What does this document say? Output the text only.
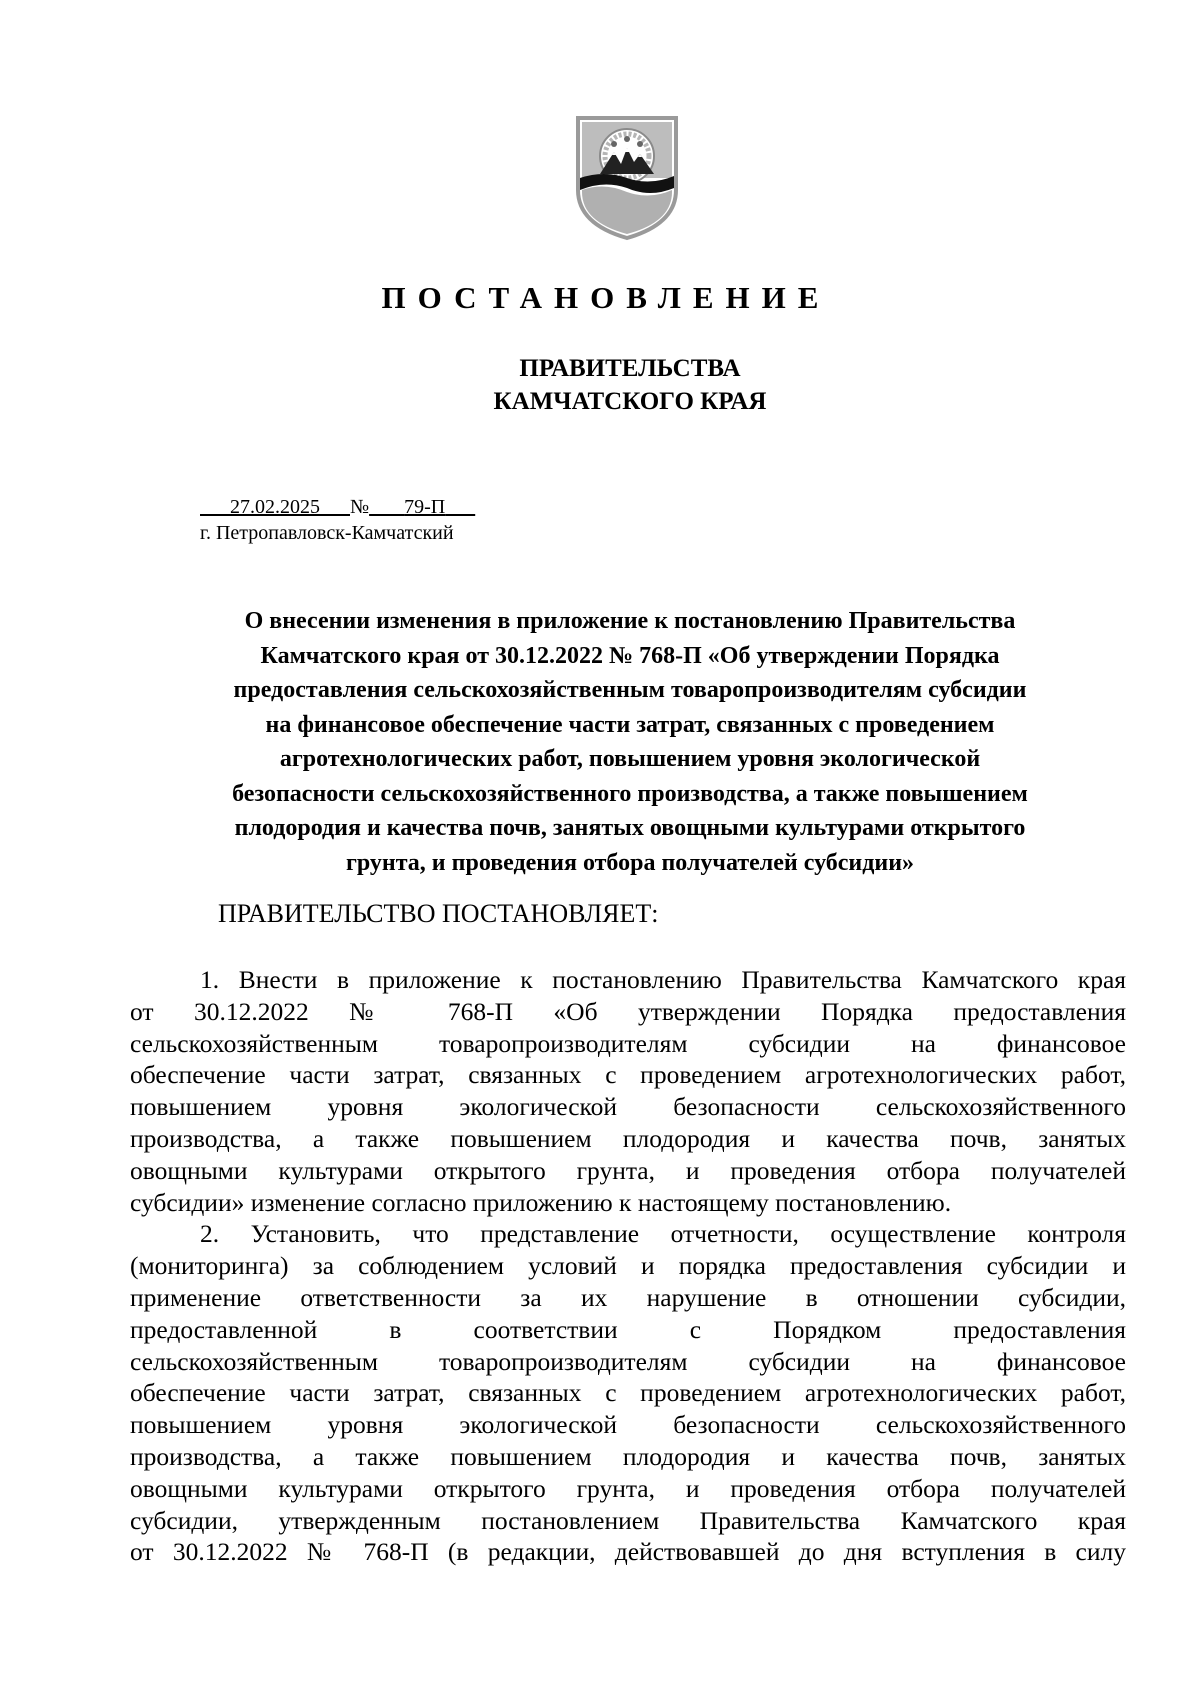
ПОСТАНОВЛЕНИЕ
ПРАВИТЕЛЬСТВА
КАМЧАТСКОГО КРАЯ
27.02.2025 № 79-П
г. Петропавловск-Камчатский
О внесении изменения в приложение к постановлению Правительства
Камчатского края от 30.12.2022 № 768-П «Об утверждении Порядка
предоставления сельскохозяйственным товаропроизводителям субсидии
на финансовое обеспечение части затрат, связанных с проведением
агротехнологических работ, повышением уровня экологической
безопасности сельскохозяйственного производства, а также повышением
плодородия и качества почв, занятых овощными культурами открытого
грунта, и проведения отбора получателей субсидии»
ПРАВИТЕЛЬСТВО ПОСТАНОВЛЯЕТ:
1. Внести в приложение к постановлению Правительства Камчатского края
от 30.12.2022 № 768-П «Об утверждении Порядка предоставления
сельскохозяйственным товаропроизводителям субсидии на финансовое
обеспечение части затрат, связанных с проведением агротехнологических работ,
повышением уровня экологической безопасности сельскохозяйственного
производства, а также повышением плодородия и качества почв, занятых
овощными культурами открытого грунта, и проведения отбора получателей
субсидии» изменение согласно приложению к настоящему постановлению.
2. Установить, что представление отчетности, осуществление контроля
(мониторинга) за соблюдением условий и порядка предоставления субсидии и
применение ответственности за их нарушение в отношении субсидии,
предоставленной в соответствии с Порядком предоставления
сельскохозяйственным товаропроизводителям субсидии на финансовое
обеспечение части затрат, связанных с проведением агротехнологических работ,
повышением уровня экологической безопасности сельскохозяйственного
производства, а также повышением плодородия и качества почв, занятых
овощными культурами открытого грунта, и проведения отбора получателей
субсидии, утвержденным постановлением Правительства Камчатского края
от 30.12.2022 № 768-П (в редакции, действовавшей до дня вступления в силу
